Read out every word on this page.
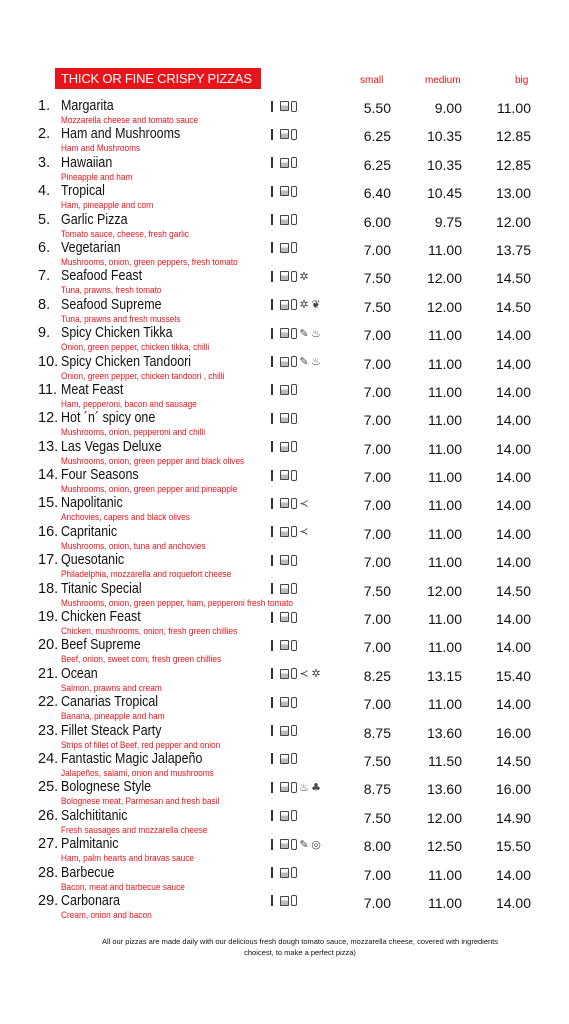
THICK OR FINE CRISPY PIZZAS	small	medium	big
1. Margarita
Mozzarella cheese and tomato sauce
5.50	9.00	11.00
2. Ham and Mushrooms
Ham and Mushrooms
6.25	10.35	12.85
3. Hawaiian
Pineapple and ham
6.25	10.35	12.85
4. Tropical
Ham, pineapple and corn
6.40	10.45	13.00
5. Garlic Pizza
Tomato sauce, cheese, fresh garlic
6.00	9.75	12.00
6. Vegetarian
Mushrooms, onion, green peppers, fresh tomato
7.00	11.00	13.75
7. Seafood Feast
Tuna, prawns, fresh tomato
✲	7.50	12.00	14.50
8. Seafood Supreme
Tuna, prawns and fresh mussels
✲ ❦	7.50	12.00	14.50
9. Spicy Chicken Tikka
Onion, green pepper, chicken tikka, chilli
✎ ♨	7.00	11.00	14.00
10. Spicy Chicken Tandoori
Onion, green pepper, chicken tandoori , chilli
✎ ♨	7.00	11.00	14.00
11. Meat Feast
Ham, pepperoni, bacon and sausage
7.00	11.00	14.00
12. Hot ´n´ spicy one
Mushrooms, onion, pepperoni and chilli
7.00	11.00	14.00
13. Las Vegas Deluxe
Mushrooms, onion, green pepper and black olives
7.00	11.00	14.00
14. Four Seasons
Mushrooms, onion, green pepper and pineapple
7.00	11.00	14.00
15. Napolitanic
Anchovies, capers and black olives
≺	7.00	11.00	14.00
16. Capritanic
Mushrooms, onion, tuna and anchovies
≺	7.00	11.00	14.00
17. Quesotanic
Philadelphia, mozzarella and roquefort cheese
7.00	11.00	14.00
18. Titanic Special
Mushrooms, onion, green pepper, ham, pepperoni fresh tomato
7.50	12.00	14.50
19. Chicken Feast
Chicken, mushrooms, onion, fresh green chillies
7.00	11.00	14.00
20. Beef Supreme
Beef, onion, sweet corn, fresh green chillies
7.00	11.00	14.00
21. Ocean
Salmon, prawns and cream
≺ ✲	8.25	13.15	15.40
22. Canarias Tropical
Banana, pineapple and ham
7.00	11.00	14.00
23. Fillet Steack Party
Strips of fillet of Beef, red pepper and onion
8.75	13.60	16.00
24. Fantastic Magic Jalapeño
Jalapeños, salami, onion and mushrooms
7.50	11.50	14.50
25. Bolognese Style
Bolognese meat, Parmesan and fresh basil
♨ ♣	8.75	13.60	16.00
26. Salchititanic
Fresh sausages and mozzarella cheese
7.50	12.00	14.90
27. Palmitanic
Ham, palm hearts and bravas sauce
✎ ◎	8.00	12.50	15.50
28. Barbecue
Bacon, meat and barbecue sauce
7.00	11.00	14.00
29. Carbonara
Cream, onion and bacon
7.00	11.00	14.00
All our pizzas are made daily with our delicious fresh dough tomato sauce, mozzarella cheese, covered with ingredients
choicest, to make a perfect pizza)
